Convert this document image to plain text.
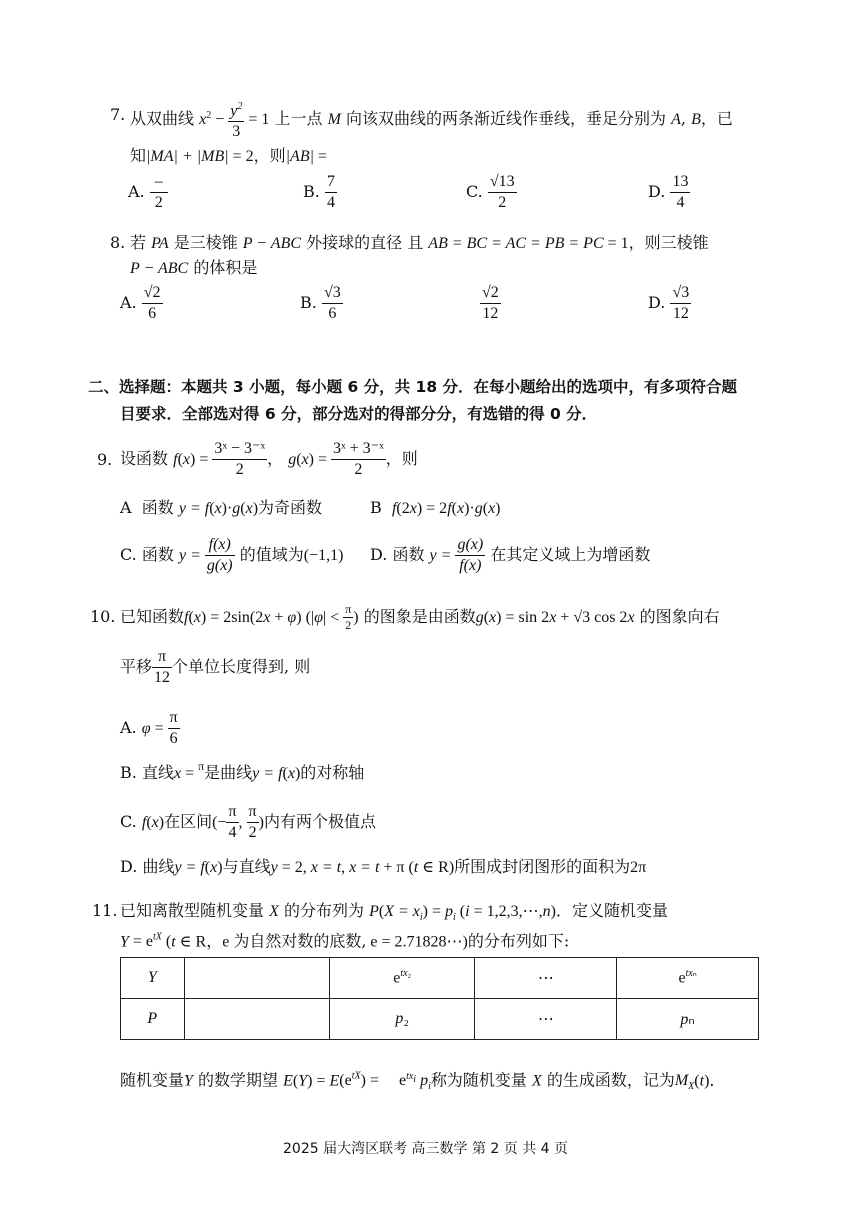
7. 从双曲线 $x^2 - \frac{y^2}{3} = 1$ 上一点 M 向该双曲线的两条渐近线作垂线，垂足分别为 A, B，已
知|MA| + |MB| = 2，则|AB| =
A. $\frac{-}{2}$	B. $\frac{7}{4}$	C. $\frac{√13}{2}$	D. $\frac{13}{4}$
8. 若 PA 是三棱锥 P − ABC 外接球的直径 且 AB = BC = AC = PB = PC = 1，则三棱锥
P − ABC 的体积是
A. $\frac{√2}{6}$	B. $\frac{√3}{6}$	$\frac{√2}{12}$	D. $\frac{√3}{12}$
二、选择题：本题共 3 小题，每小题 6 分，共 18 分．在每小题给出的选项中，有多项符合题
目要求．全部选对得 6 分，部分选对的得部分分，有选错的得 0 分．
9. 设函数 $f(x) = \frac{\text{3ˣ − 3⁻ˣ}}{2}$ ， $g(x) = \frac{\text{3ˣ + 3⁻ˣ}}{2}$ ，则
A 函数 y = f(x)·g(x)为奇函数	B f(2x) = 2f(x)·g(x)
C. 函数 $y = \frac{f(x)}{g(x)}$ 的值域为(−1,1) D. 函数 $y = \frac{g(x)}{f(x)}$ 在其定义域上为增函数
10. 已知函数f(x) = 2sin(2x + φ) ($|\varphi| < \frac{\pi}{2}$ ) 的图象是由函数g(x) = sin 2x + √3 cos 2x 的图象向右
平移 $\frac{\pi}{12}$ 个单位长度得到, 则
A. $\varphi = \frac{\pi}{6}$
B. 直线x = $^\pi$是曲线y = f(x)的对称轴
C. f(x)在区间(− $\frac{\pi}{4}$ , $\frac{\pi}{2}$ )内有两个极值点
D. 曲线y = f(x)与直线y = 2, x = t, x = t + π (t ∈ R)所围成封闭图形的面积为2π
11. 已知离散型随机变量 X 的分布列为 $P(X = x_i) = p_i$ (i = 1,2,3,⋯,n)．定义随机变量
$Y = e^{tX}$ (t ∈ R，e 为自然对数的底数, e = 2.71828⋯)的分布列如下:
Y		$e^{tx_2}$	⋯	$e^{tx_n}$
P		p₂	⋯	pₙ
随机变量Y 的数学期望 $E(Y) = E(e^{tX})$ =     $e^{tx_i}$ $p_i$称为随机变量 X 的生成函数，记为$M_X(t)$．
2025 届大湾区联考 高三数学 第 2 页 共 4 页
